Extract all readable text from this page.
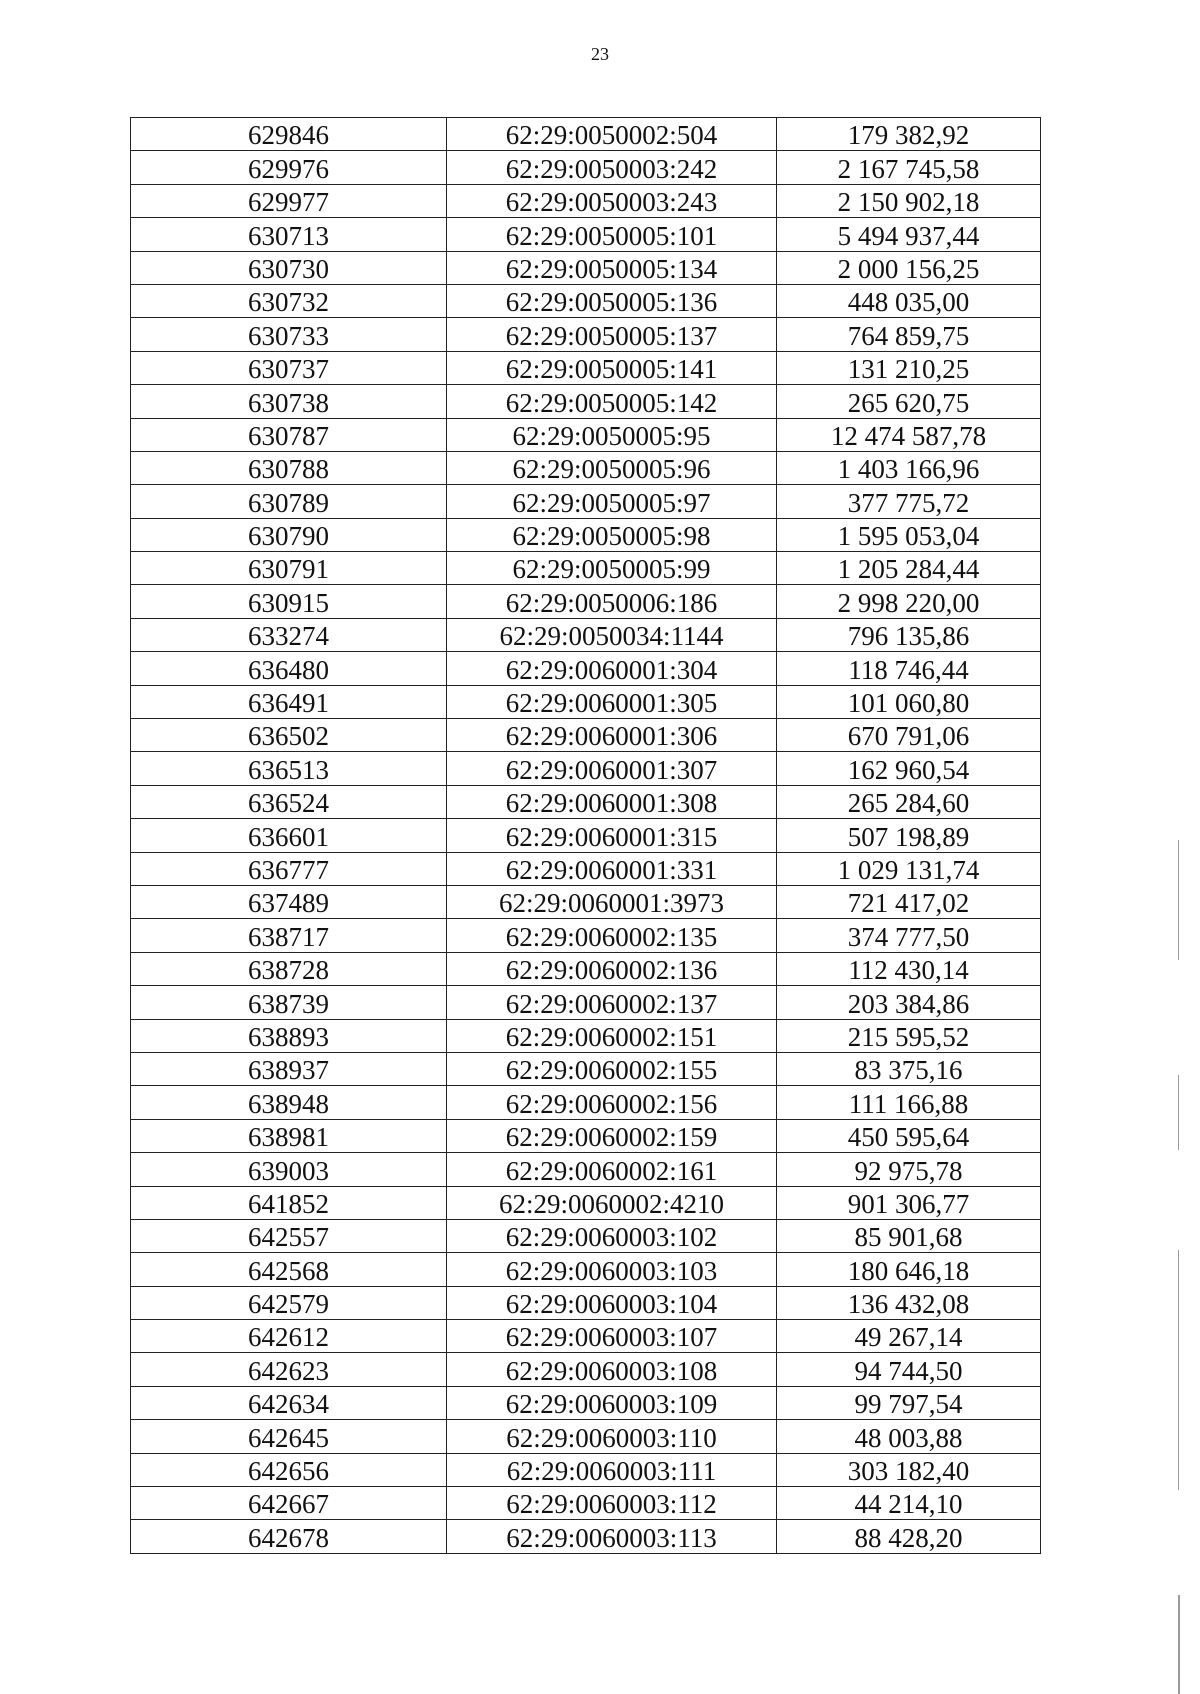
23
629846	62:29:0050002:504	179 382,92
629976	62:29:0050003:242	2 167 745,58
629977	62:29:0050003:243	2 150 902,18
630713	62:29:0050005:101	5 494 937,44
630730	62:29:0050005:134	2 000 156,25
630732	62:29:0050005:136	448 035,00
630733	62:29:0050005:137	764 859,75
630737	62:29:0050005:141	131 210,25
630738	62:29:0050005:142	265 620,75
630787	62:29:0050005:95	12 474 587,78
630788	62:29:0050005:96	1 403 166,96
630789	62:29:0050005:97	377 775,72
630790	62:29:0050005:98	1 595 053,04
630791	62:29:0050005:99	1 205 284,44
630915	62:29:0050006:186	2 998 220,00
633274	62:29:0050034:1144	796 135,86
636480	62:29:0060001:304	118 746,44
636491	62:29:0060001:305	101 060,80
636502	62:29:0060001:306	670 791,06
636513	62:29:0060001:307	162 960,54
636524	62:29:0060001:308	265 284,60
636601	62:29:0060001:315	507 198,89
636777	62:29:0060001:331	1 029 131,74
637489	62:29:0060001:3973	721 417,02
638717	62:29:0060002:135	374 777,50
638728	62:29:0060002:136	112 430,14
638739	62:29:0060002:137	203 384,86
638893	62:29:0060002:151	215 595,52
638937	62:29:0060002:155	83 375,16
638948	62:29:0060002:156	111 166,88
638981	62:29:0060002:159	450 595,64
639003	62:29:0060002:161	92 975,78
641852	62:29:0060002:4210	901 306,77
642557	62:29:0060003:102	85 901,68
642568	62:29:0060003:103	180 646,18
642579	62:29:0060003:104	136 432,08
642612	62:29:0060003:107	49 267,14
642623	62:29:0060003:108	94 744,50
642634	62:29:0060003:109	99 797,54
642645	62:29:0060003:110	48 003,88
642656	62:29:0060003:111	303 182,40
642667	62:29:0060003:112	44 214,10
642678	62:29:0060003:113	88 428,20
